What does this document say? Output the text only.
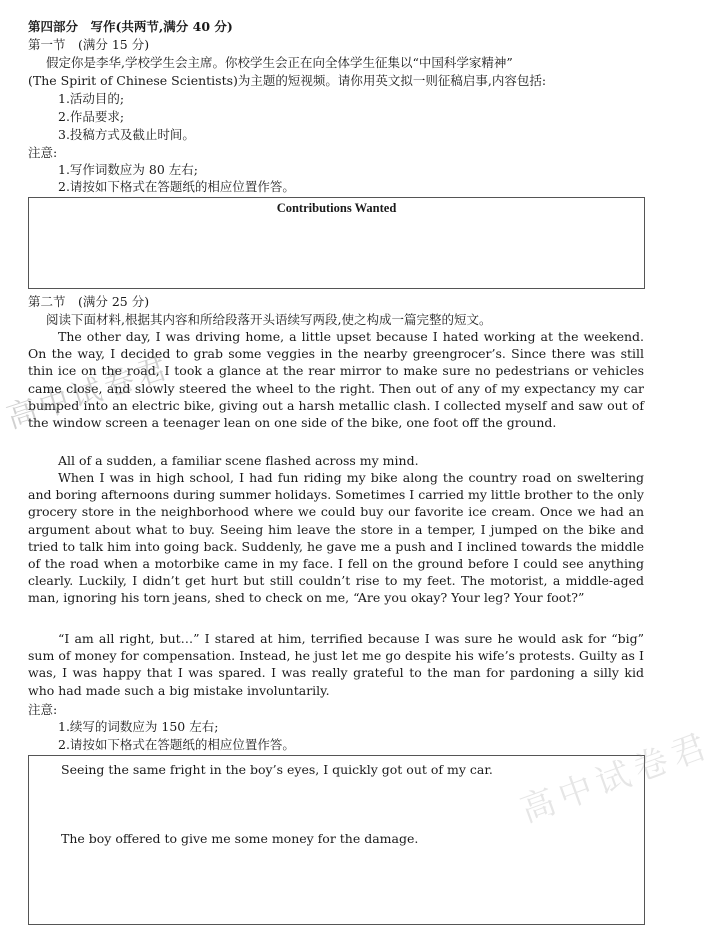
第四部分　写作(共两节,满分 40 分)
第一节　(满分 15 分)
假定你是李华,学校学生会主席。你校学生会正在向全体学生征集以“中国科学家精神”
(The Spirit of Chinese Scientists)为主题的短视频。请你用英文拟一则征稿启事,内容包括:
1.活动目的;
2.作品要求;
3.投稿方式及截止时间。
注意:
1.写作词数应为 80 左右;
2.请按如下格式在答题纸的相应位置作答。
Contributions Wanted
第二节　(满分 25 分)
阅读下面材料,根据其内容和所给段落开头语续写两段,使之构成一篇完整的短文。
The other day, I was driving home, a little upset because I hated working at the weekend. On the way, I decided to grab some veggies in the nearby greengrocer’s. Since there was still thin ice on the road, I took a glance at the rear mirror to make sure no pedestrians or vehicles came close, and slowly steered the wheel to the right. Then out of any of my expectancy my car bumped into an electric bike, giving out a harsh metallic clash. I collected myself and saw out of the window screen a teenager lean on one side of the bike, one foot off the ground.
All of a sudden, a familiar scene flashed across my mind.
When I was in high school, I had fun riding my bike along the country road on sweltering and boring afternoons during summer holidays. Sometimes I carried my little brother to the only grocery store in the neighborhood where we could buy our favorite ice cream. Once we had an argument about what to buy. Seeing him leave the store in a temper, I jumped on the bike and tried to talk him into going back. Suddenly, he gave me a push and I inclined towards the middle of the road when a motorbike came in my face. I fell on the ground before I could see anything clearly. Luckily, I didn’t get hurt but still couldn’t rise to my feet. The motorist, a middle-aged man, ignoring his torn jeans, shed to check on me, “Are you okay? Your leg? Your foot?”
“I am all right, but…” I stared at him, terrified because I was sure he would ask for “big” sum of money for compensation. Instead, he just let me go despite his wife’s protests. Guilty as I was, I was happy that I was spared. I was really grateful to the man for pardoning a silly kid who had made such a big mistake involuntarily.
注意:
1.续写的词数应为 150 左右;
2.请按如下格式在答题纸的相应位置作答。
Seeing the same fright in the boy’s eyes, I quickly got out of my car.
The boy offered to give me some money for the damage.
高中试卷君
高中试卷君
